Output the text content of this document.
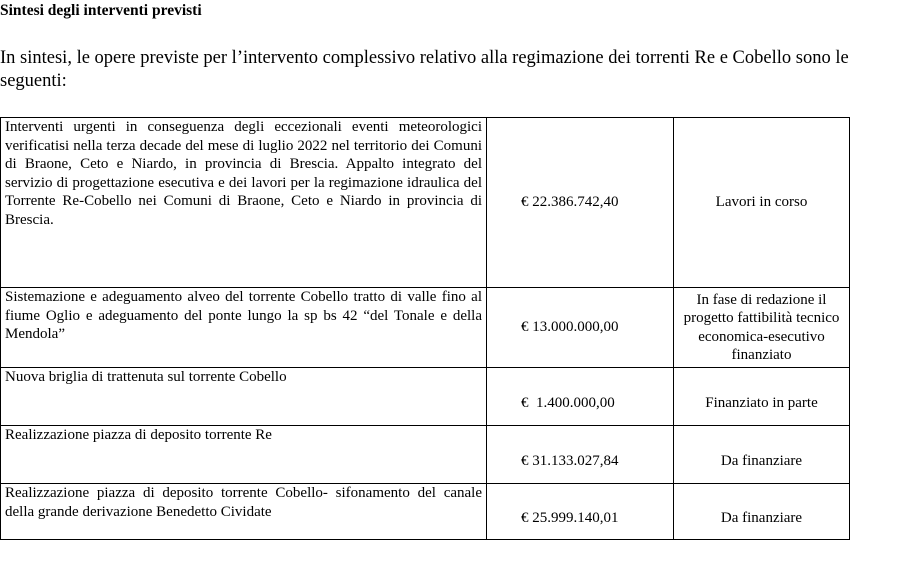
Sintesi degli interventi previsti
In sintesi, le opere previste per l’intervento complessivo relativo alla regimazione dei torrenti Re e Cobello sono le seguenti:
Interventi urgenti in conseguenza degli eccezionali eventi meteorologici verificatisi nella terza decade del mese di luglio 2022 nel territorio dei Comuni di Braone, Ceto e Niardo, in provincia di Brescia. Appalto integrato del servizio di progettazione esecutiva e dei lavori per la regimazione idraulica del Torrente Re-Cobello nei Comuni di Braone, Ceto e Niardo in provincia di Brescia.	€ 22.386.742,40	Lavori in corso
Sistemazione e adeguamento alveo del torrente Cobello tratto di valle fino al fiume Oglio e adeguamento del ponte lungo la sp bs 42 “del Tonale e della Mendola”	€ 13.000.000,00	In fase di redazione il progetto fattibilità tecnico economica-esecutivo finanziato
Nuova briglia di trattenuta sul torrente Cobello	€  1.400.000,00	Finanziato in parte
Realizzazione piazza di deposito torrente Re	€ 31.133.027,84	Da finanziare
Realizzazione piazza di deposito torrente Cobello- sifonamento del canale della grande derivazione Benedetto Cividate	€ 25.999.140,01	Da finanziare
